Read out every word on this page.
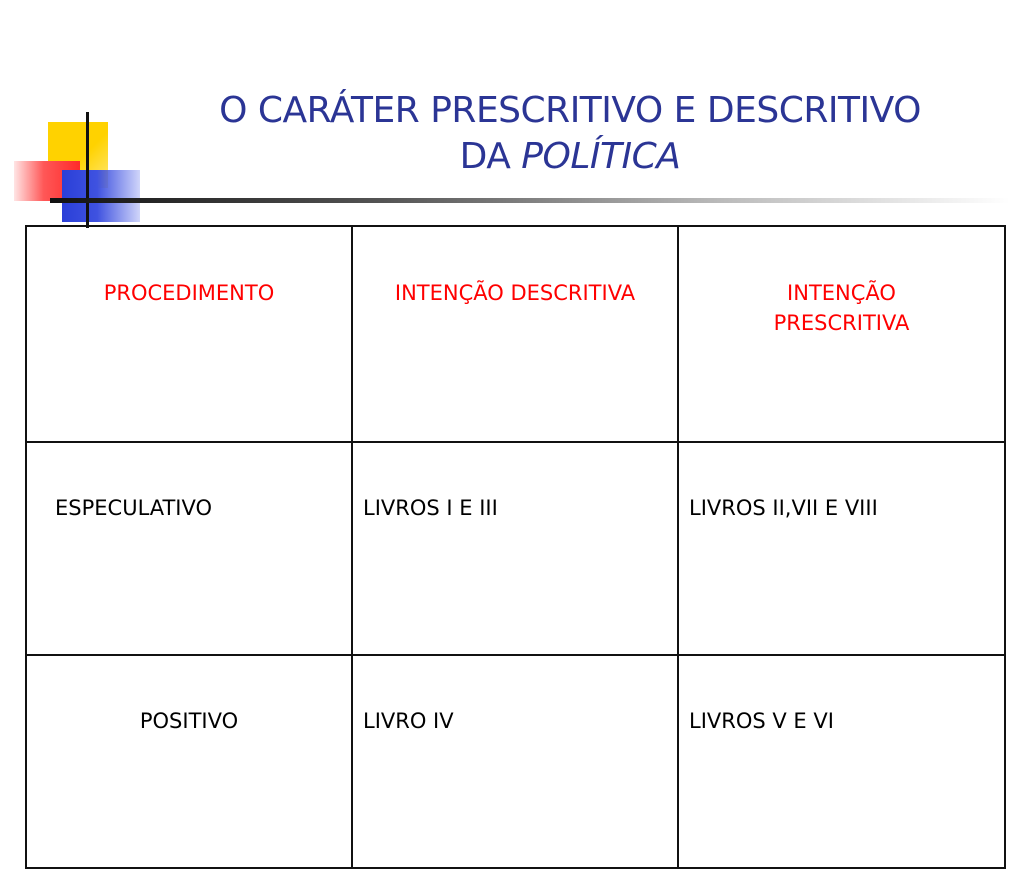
O CARÁTER PRESCRITIVO E DESCRITIVO
DA POLÍTICA
PROCEDIMENTO	INTENÇÃO DESCRITIVA	INTENÇÃO PRESCRITIVA
ESPECULATIVO	LIVROS I E III	LIVROS II,VII E VIII
POSITIVO	LIVRO IV	LIVROS V E VI
